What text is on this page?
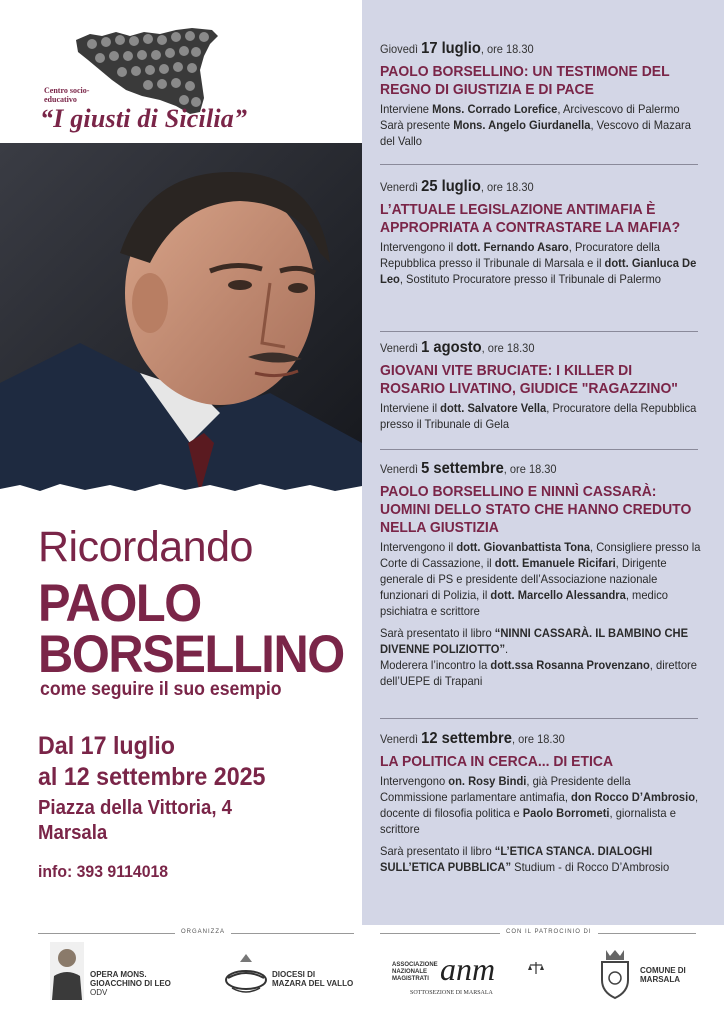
Centro socio-educativo
“I giusti di Sicilia”
Ricordando
PAOLO
BORSELLINO
come seguire il suo esempio
Dal 17 luglio
al 12 settembre 2025
Piazza della Vittoria, 4
Marsala
info: 393 9114018
Giovedì 17 luglio, ore 18.30
PAOLO BORSELLINO: UN TESTIMONE DEL REGNO DI GIUSTIZIA E DI PACE
Interviene Mons. Corrado Lorefice, Arcivescovo di Palermo
Sarà presente Mons. Angelo Giurdanella, Vescovo di Mazara del Vallo
Venerdì 25 luglio, ore 18.30
L’ATTUALE LEGISLAZIONE ANTIMAFIA È APPROPRIATA A CONTRASTARE LA MAFIA?
Intervengono il dott. Fernando Asaro, Procuratore della Repubblica presso il Tribunale di Marsala e il dott. Gianluca De Leo, Sostituto Procuratore presso il Tribunale di Palermo
Venerdì 1 agosto, ore 18.30
GIOVANI VITE BRUCIATE: I KILLER DI ROSARIO LIVATINO, GIUDICE "RAGAZZINO"
Interviene il dott. Salvatore Vella, Procuratore della Repubblica presso il Tribunale di Gela
Venerdì 5 settembre, ore 18.30
PAOLO BORSELLINO E NINNÌ CASSARÀ: UOMINI DELLO STATO CHE HANNO CREDUTO NELLA GIUSTIZIA
Intervengono il dott. Giovanbattista Tona, Consigliere presso la Corte di Cassazione, il dott. Emanuele Ricifari, Dirigente generale di PS e presidente dell’Associazione nazionale funzionari di Polizia, il dott. Marcello Alessandra, medico psichiatra e scrittore
Sarà presentato il libro “NINNI CASSARÀ. IL BAMBINO CHE DIVENNE POLIZIOTTO”.
Moderera l’incontro la dott.ssa Rosanna Provenzano, direttore dell’UEPE di Trapani
Venerdì 12 settembre, ore 18.30
LA POLITICA IN CERCA... DI ETICA
Intervengono on. Rosy Bindi, già Presidente della Commissione parlamentare antimafia, don Rocco D’Ambrosio, docente di filosofia politica e Paolo Borrometi, giornalista e scrittore
Sarà presentato il libro “L’ETICA STANCA. DIALOGHI SULL’ETICA PUBBLICA” Studium - di Rocco D’Ambrosio
ORGANIZZA	CON IL PATROCINIO DI
OPERA MONS.
GIOACCHINO DI LEO
ODV
DIOCESI DI
MAZARA DEL VALLO
ASSOCIAZIONE
NAZIONALE
MAGISTRATI anm
SOTTOSEZIONE DI MARSALA
COMUNE DI
MARSALA
